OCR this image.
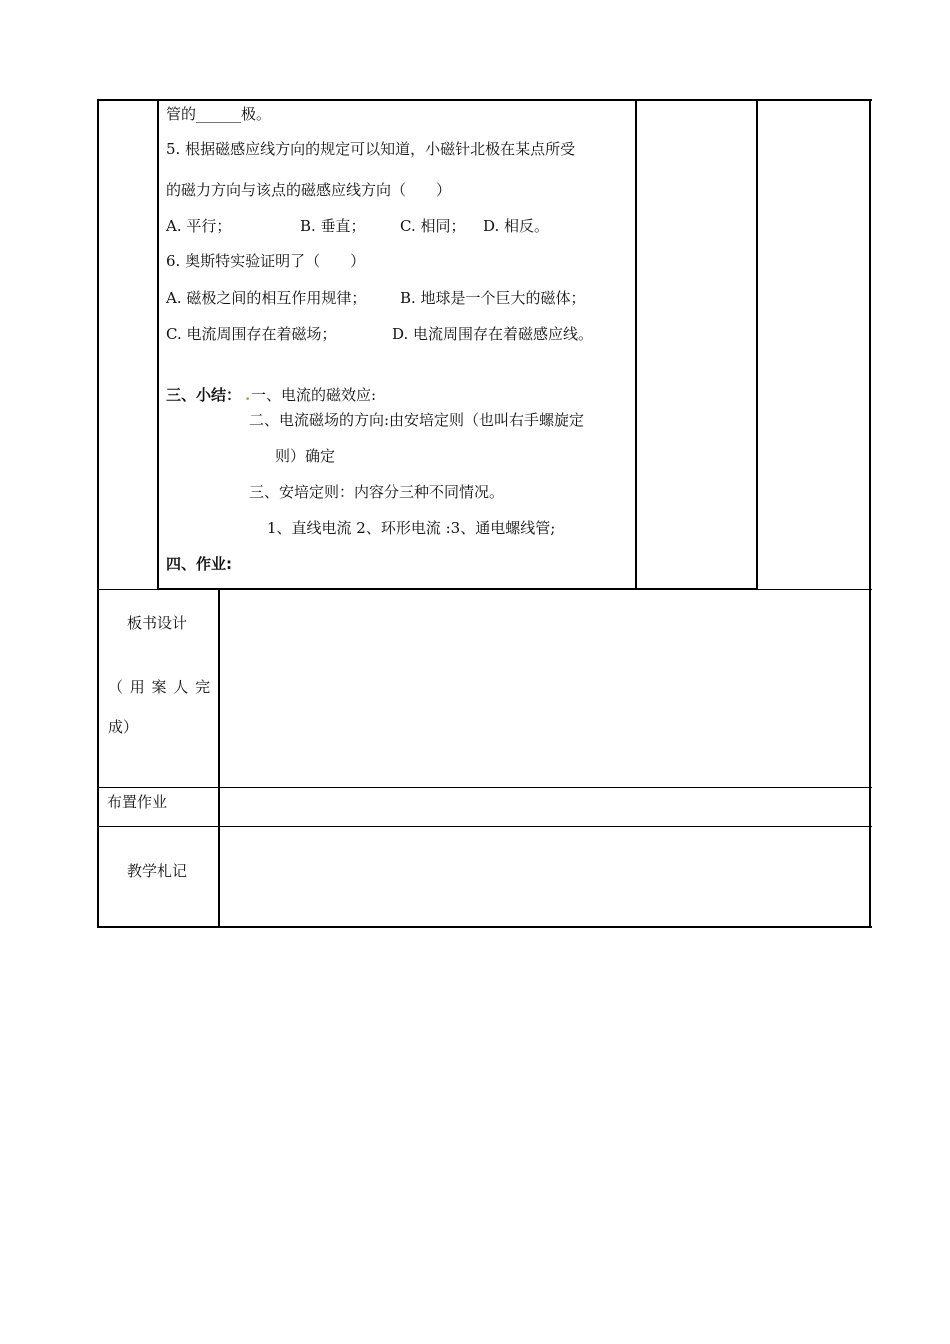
管的______极。
5. 根据磁感应线方向的规定可以知道，小磁针北极在某点所受
的磁力方向与该点的磁感应线方向（　　）
A. 平行；	B. 垂直； C. 相同； D. 相反。
6. 奥斯特实验证明了（　　）
A. 磁极之间的相互作用规律； B. 地球是一个巨大的磁体；
C. 电流周围存在着磁场；	D. 电流周围存在着磁感应线。
三、小结： . 一、电流的磁效应:
二、电流磁场的方向:由安培定则（也叫右手螺旋定
则）确定
三、安培定则：内容分三种不同情况。
1、直线电流 2、环形电流 :3、通电螺线管;
四、作业:
板书设计
（ 用 案 人 完
成）
布置作业
教学札记
